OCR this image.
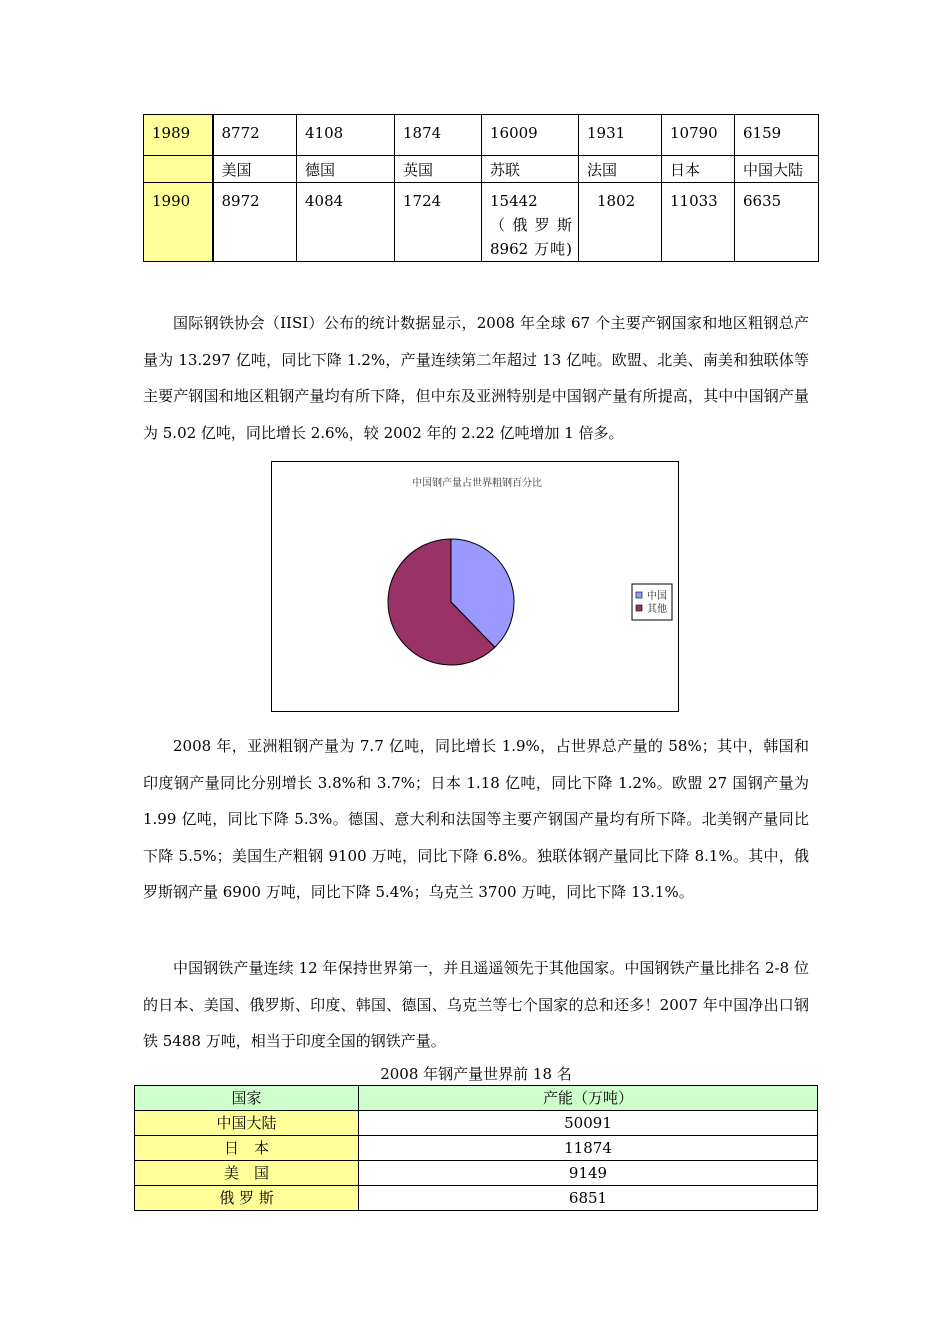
1989	8772	4108	1874	16009	1931	10790	6159
	美国	德国	英国	苏联	法国	日本	中国大陆
1990	8972	4084	1724	15442 （俄罗斯 8962 万吨)	1802	11033	6635

国际钢铁协会（IISI）公布的统计数据显示，2008 年全球 67 个主要产钢国家和地区粗钢总产量为 13.297 亿吨，同比下降 1.2%，产量连续第二年超过 13 亿吨。欧盟、北美、南美和独联体等主要产钢国和地区粗钢产量均有所下降，但中东及亚洲特别是中国钢产量有所提高，其中中国钢产量为 5.02 亿吨，同比增长 2.6%，较 2002 年的 2.22 亿吨增加 1 倍多。

中国钢产量占世界粗钢百分比
中国
其他

2008 年，亚洲粗钢产量为 7.7 亿吨，同比增长 1.9%，占世界总产量的 58%；其中，韩国和印度钢产量同比分别增长 3.8%和 3.7%；日本 1.18 亿吨，同比下降 1.2%。欧盟 27 国钢产量为 1.99 亿吨，同比下降 5.3%。德国、意大利和法国等主要产钢国产量均有所下降。北美钢产量同比下降 5.5%；美国生产粗钢 9100 万吨，同比下降 6.8%。独联体钢产量同比下降 8.1%。其中，俄罗斯钢产量 6900 万吨，同比下降 5.4%；乌克兰 3700 万吨，同比下降 13.1%。

中国钢铁产量连续 12 年保持世界第一，并且遥遥领先于其他国家。中国钢铁产量比排名 2-8 位的日本、美国、俄罗斯、印度、韩国、德国、乌克兰等七个国家的总和还多！2007 年中国净出口钢铁 5488 万吨，相当于印度全国的钢铁产量。

2008 年钢产量世界前 18 名
国家	产能（万吨）
中国大陆	50091
日　本	11874
美　国	9149
俄 罗 斯	6851
